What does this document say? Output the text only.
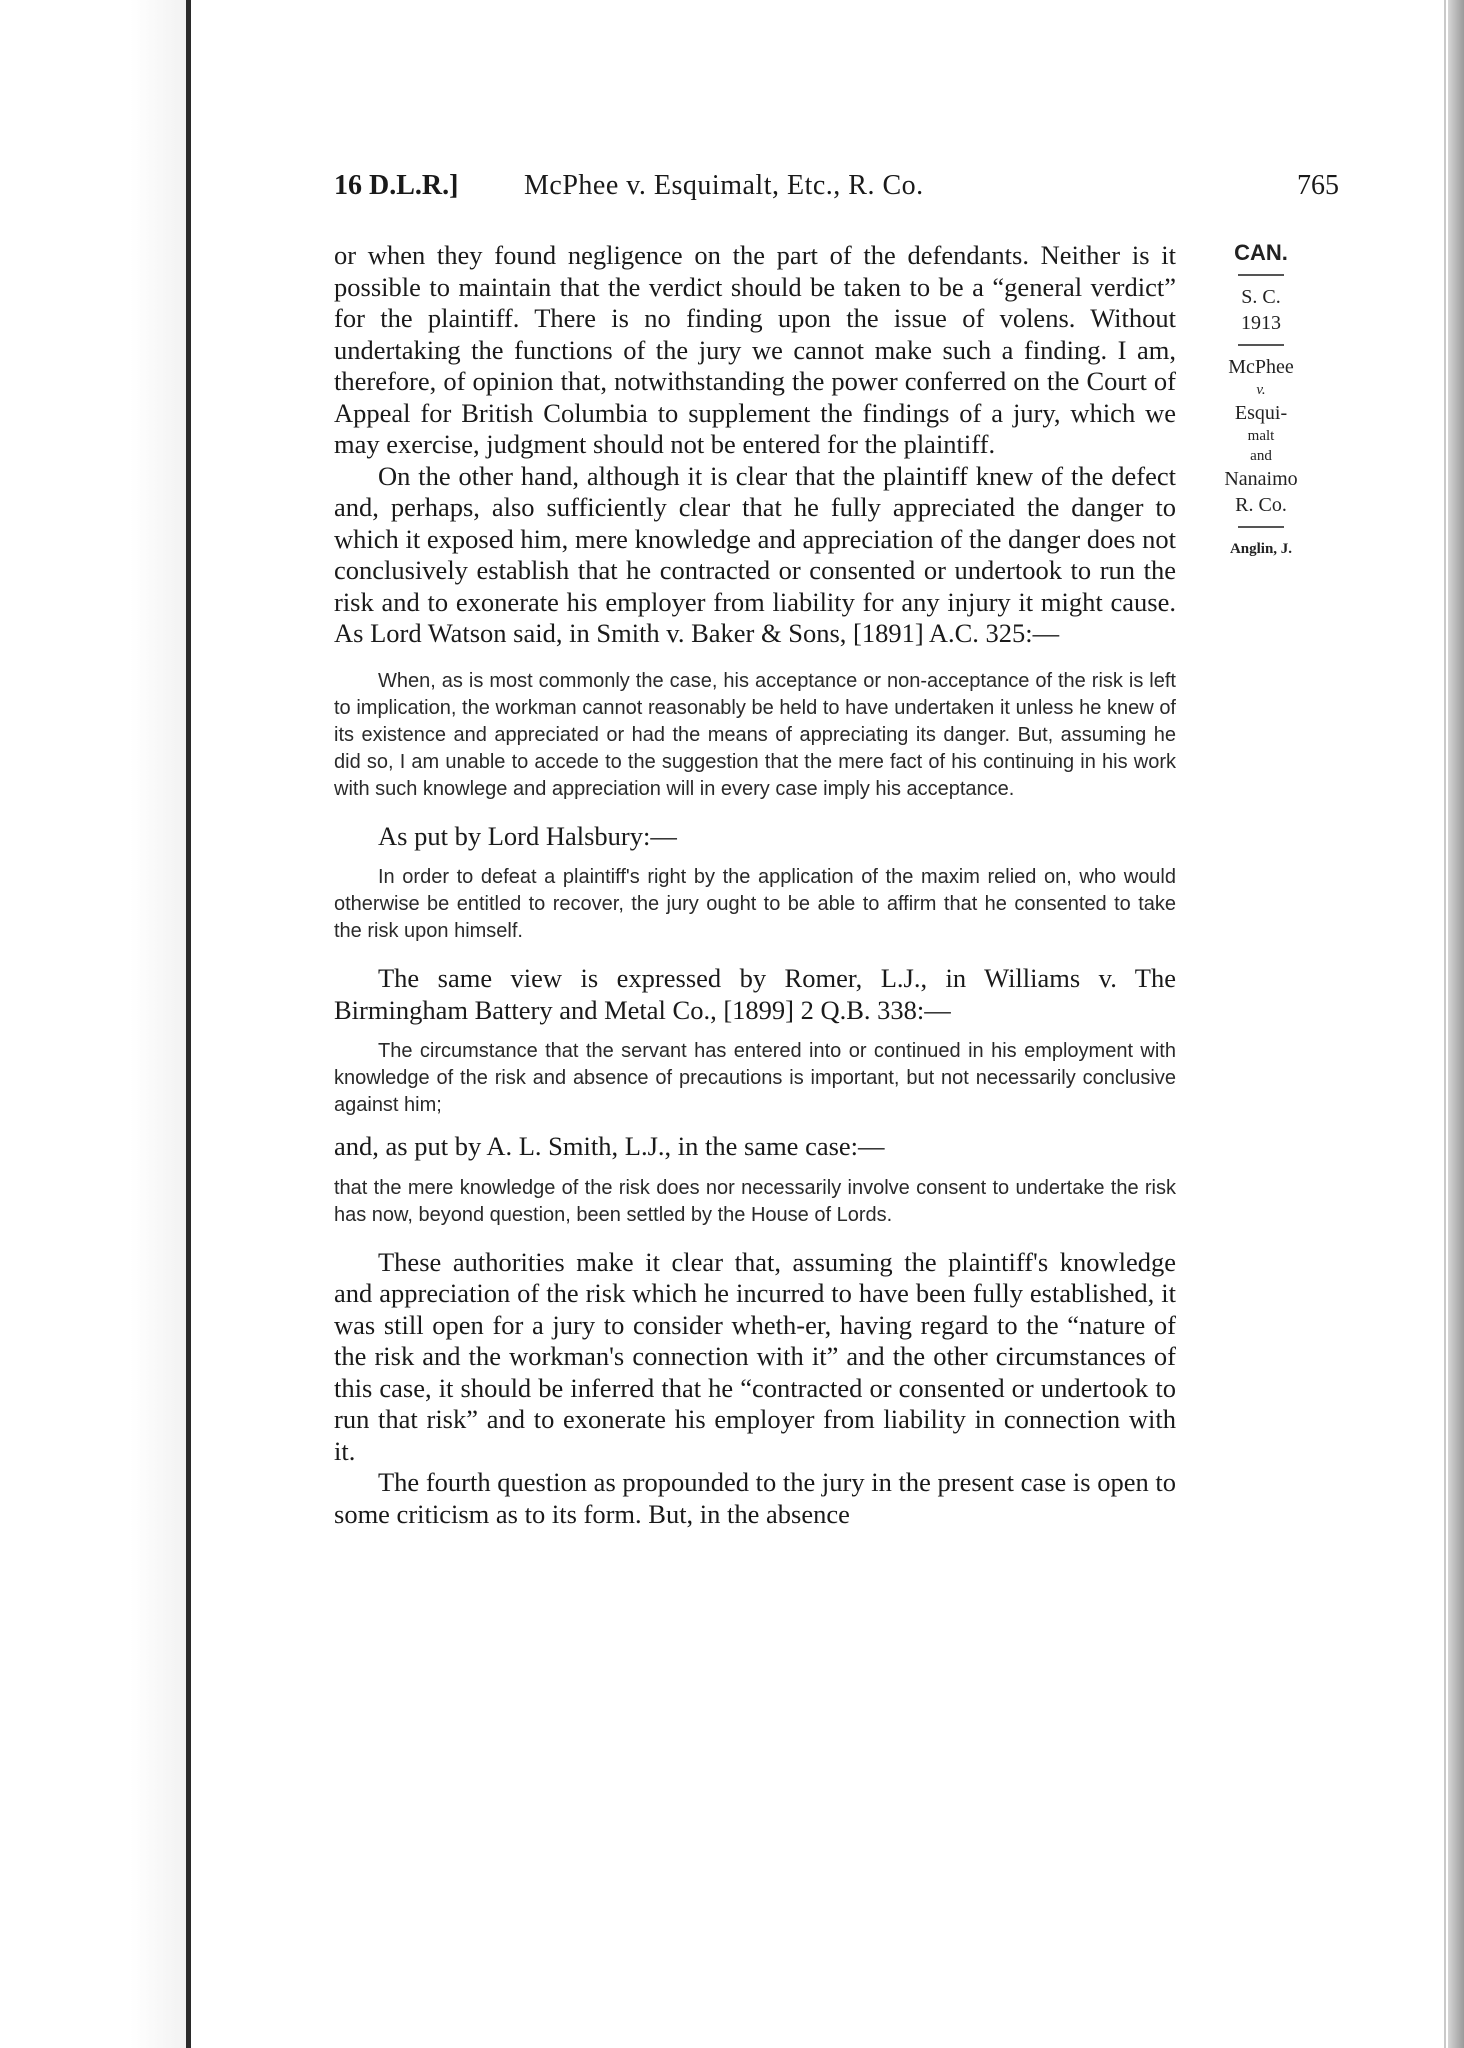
16 D.L.R.] McPhee v. Esquimalt, Etc., R. Co.	765

or when they found negligence on the part of the defendants. Neither is it possible to maintain that the verdict should be taken to be a “general verdict” for the plaintiff. There is no finding upon the issue of volens. Without undertaking the functions of the jury we cannot make such a finding. I am, therefore, of opinion that, notwithstanding the power conferred on the Court of Appeal for British Columbia to supplement the findings of a jury, which we may exercise, judgment should not be entered for the plaintiff.

On the other hand, although it is clear that the plaintiff knew of the defect and, perhaps, also sufficiently clear that he fully appreciated the danger to which it exposed him, mere knowledge and appreciation of the danger does not conclusively establish that he contracted or consented or undertook to run the risk and to exonerate his employer from liability for any injury it might cause. As Lord Watson said, in Smith v. Baker & Sons, [1891] A.C. 325:—

When, as is most commonly the case, his acceptance or non-acceptance of the risk is left to implication, the workman cannot reasonably be held to have undertaken it unless he knew of its existence and appreciated or had the means of appreciating its danger. But, assuming he did so, I am unable to accede to the suggestion that the mere fact of his continuing in his work with such knowlege and appreciation will in every case imply his acceptance.

As put by Lord Halsbury:—

In order to defeat a plaintiff's right by the application of the maxim relied on, who would otherwise be entitled to recover, the jury ought to be able to affirm that he consented to take the risk upon himself.

The same view is expressed by Romer, L.J., in Williams v. The Birmingham Battery and Metal Co., [1899] 2 Q.B. 338:—

The circumstance that the servant has entered into or continued in his employment with knowledge of the risk and absence of precautions is important, but not necessarily conclusive against him;

and, as put by A. L. Smith, L.J., in the same case:—

that the mere knowledge of the risk does nor necessarily involve consent to undertake the risk has now, beyond question, been settled by the House of Lords.

These authorities make it clear that, assuming the plaintiff's knowledge and appreciation of the risk which he incurred to have been fully established, it was still open for a jury to consider wheth-er, having regard to the “nature of the risk and the workman's connection with it” and the other circumstances of this case, it should be inferred that he “contracted or consented or undertook to run that risk” and to exonerate his employer from liability in connection with it.

The fourth question as propounded to the jury in the present case is open to some criticism as to its form. But, in the absence

CAN.
S. C.
1913
McPhee
v.
Esqui-
malt
and
Nanaimo
R. Co.
Anglin, J.
